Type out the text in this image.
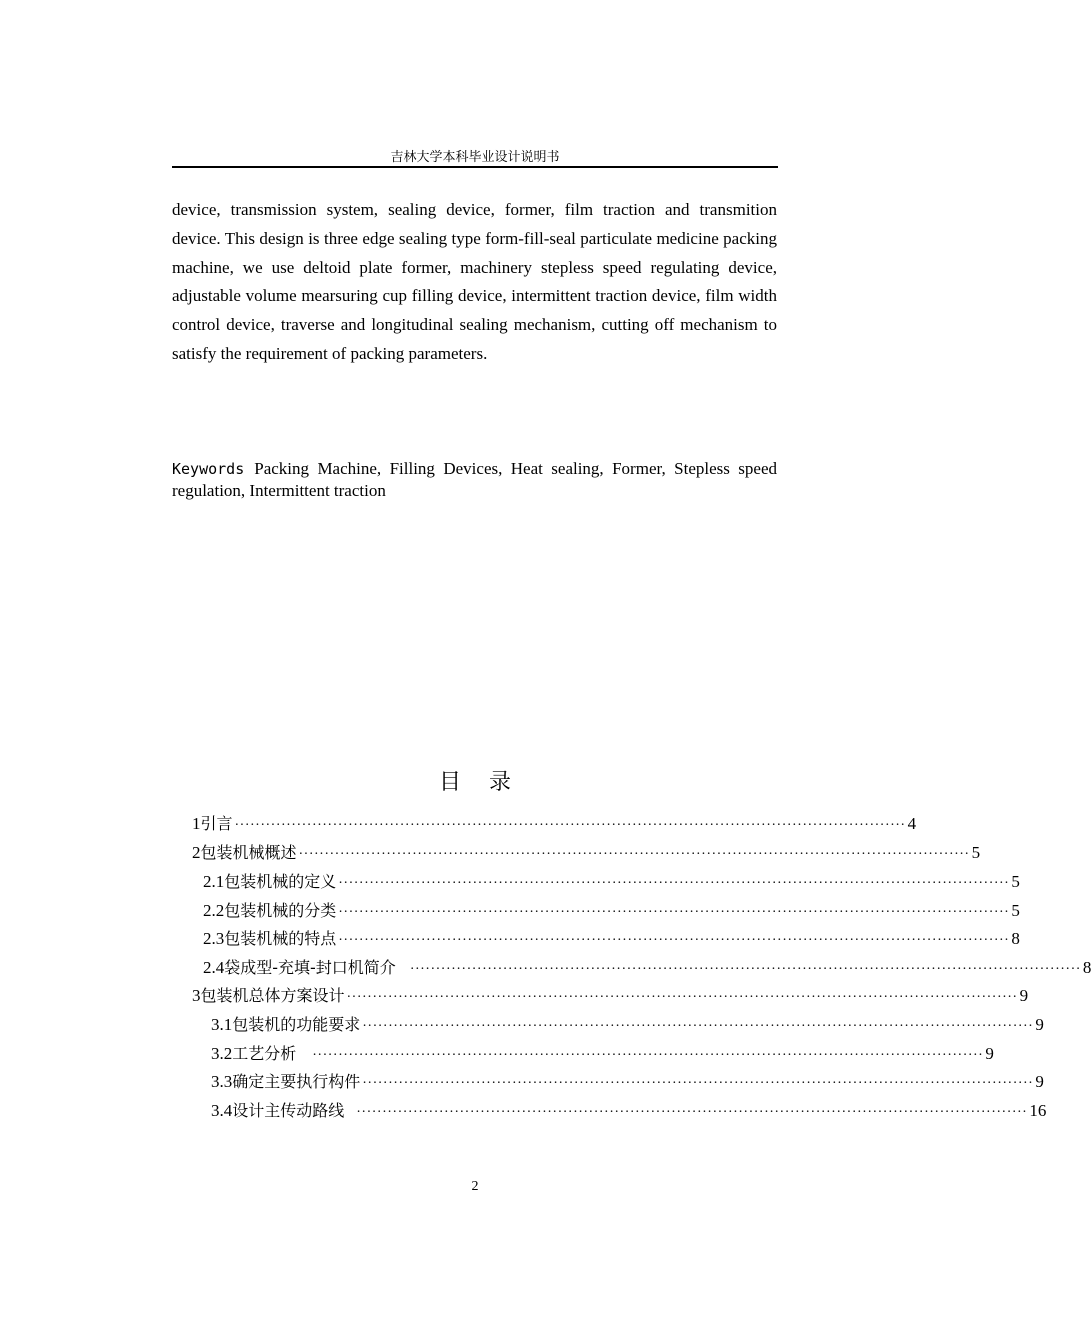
吉林大学本科毕业设计说明书

device, transmission system, sealing device, former, film traction and transmition device. This design is three edge sealing type form-fill-seal particulate medicine packing machine, we use deltoid plate former, machinery stepless speed regulating device, adjustable volume mearsuring cup filling device, intermittent traction device, film width control device, traverse and longitudinal sealing mechanism, cutting off mechanism to satisfy the requirement of packing parameters.

Keywords Packing Machine, Filling Devices, Heat sealing, Former, Stepless speed regulation, Intermittent traction

目 录
1 引言 ·································································································································· 4
2 包装机械概述 ·································································································································· 5
2.1 包装机械的定义 ·································································································································· 5
2.2 包装机械的分类 ·································································································································· 5
2.3 包装机械的特点 ·································································································································· 8
2.4 袋成型-充填-封口机简介 ·································································································································· 8
3 包装机总体方案设计 ·································································································································· 9
3.1 包装机的功能要求 ·································································································································· 9
3.2 工艺分析 ·································································································································· 9
3.3 确定主要执行构件 ·································································································································· 9
3.4 设计主传动路线 ·································································································································· 16
2
